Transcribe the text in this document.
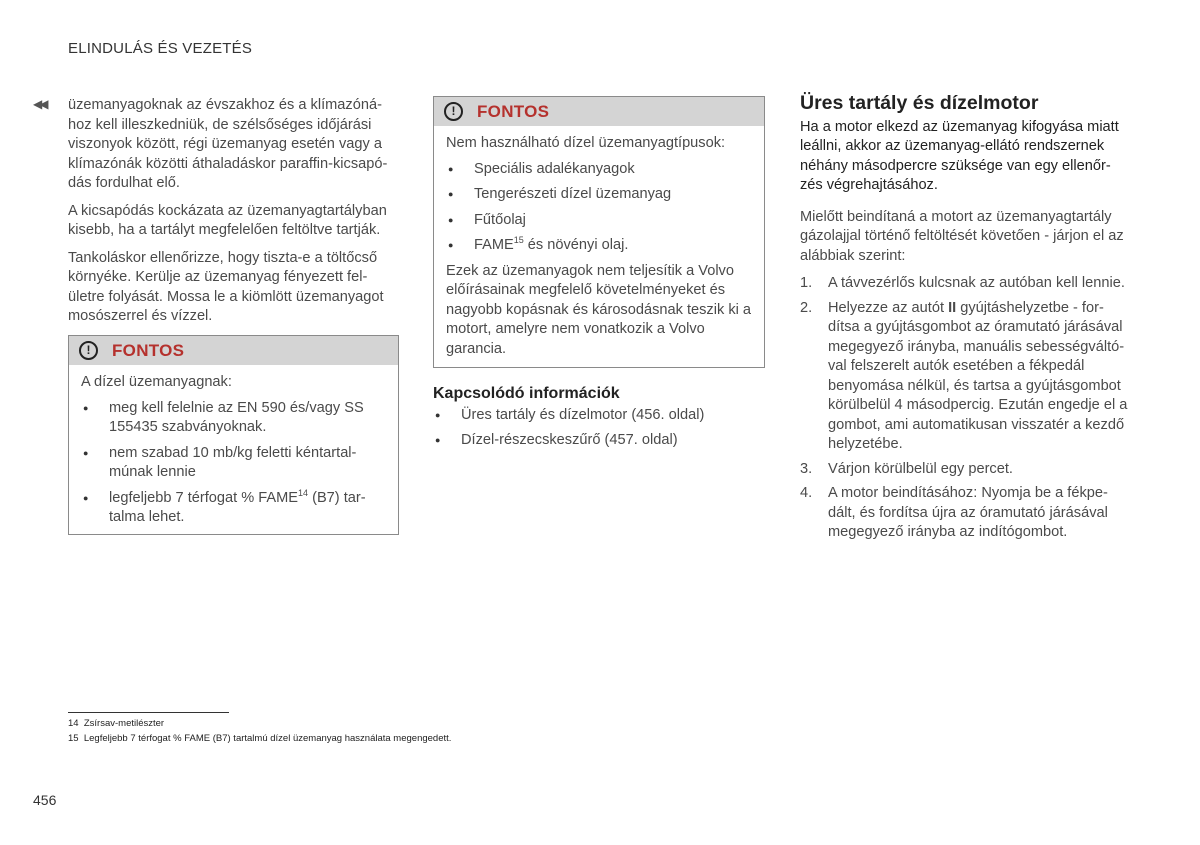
ELINDULÁS ÉS VEZETÉS
◀◀ üzemanyagoknak az évszakhoz és a klímazóná-hoz kell illeszkedniük, de szélsőséges időjárási viszonyok között, régi üzemanyag esetén vagy a klímazónák közötti áthaladáskor paraffin-kicsapó-dás fordulhat elő.

A kicsapódás kockázata az üzemanyagtartályban kisebb, ha a tartályt megfelelően feltöltve tartják.

Tankoláskor ellenőrizze, hogy tiszta-e a töltőcső környéke. Kerülje az üzemanyag fényezett fel-ületre folyását. Mossa le a kiömlött üzemanyagot mosószerrel és vízzel.

!	FONTOS

A dízel üzemanyagnak:

● meg kell felelnie az EN 590 és/vagy SS 155435 szabványoknak.
● nem szabad 10 mb/kg feletti kéntartal-múnak lennie
● legfeljebb 7 térfogat % FAME$^{14}$ (B7) tar-talma lehet.
!	FONTOS

Nem használható dízel üzemanyagtípusok:

● Speciális adalékanyagok
● Tengerészeti dízel üzemanyag
● Fűtőolaj
● FAME$^{15}$ és növényi olaj.

Ezek az üzemanyagok nem teljesítik a Volvo előírásainak megfelelő követelményeket és nagyobb kopásnak és károsodásnak teszik ki a motort, amelyre nem vonatkozik a Volvo garancia.

Kapcsolódó információk
● Üres tartály és dízelmotor (456. oldal)
● Dízel-részecskeszűrő (457. oldal)
Üres tartály és dízelmotor
Ha a motor elkezd az üzemanyag kifogyása miatt leállni, akkor az üzemanyag-ellátó rendszernek néhány másodpercre szüksége van egy ellenőr-zés végrehajtásához.

Mielőtt beindítaná a motort az üzemanyagtartály gázolajjal történő feltöltését követően - járjon el az alábbiak szerint:

1. A távvezérlős kulcsnak az autóban kell lennie.
2. Helyezze az autót II gyújtáshelyzetbe - for-dítsa a gyújtásgombot az óramutató járásával megegyező irányba, manuális sebességváltó-val felszerelt autók esetében a fékpedál benyomása nélkül, és tartsa a gyújtásgombot körülbelül 4 másodpercig. Ezután engedje el a gombot, ami automatikusan visszatér a kezdő helyzetébe.
3. Várjon körülbelül egy percet.
4. A motor beindításához: Nyomja be a fékpe-dált, és fordítsa újra az óramutató járásával megegyező irányba az indítógombot.
14 Zsírsav-metilészter
15 Legfeljebb 7 térfogat % FAME (B7) tartalmú dízel üzemanyag használata megengedett.
456
